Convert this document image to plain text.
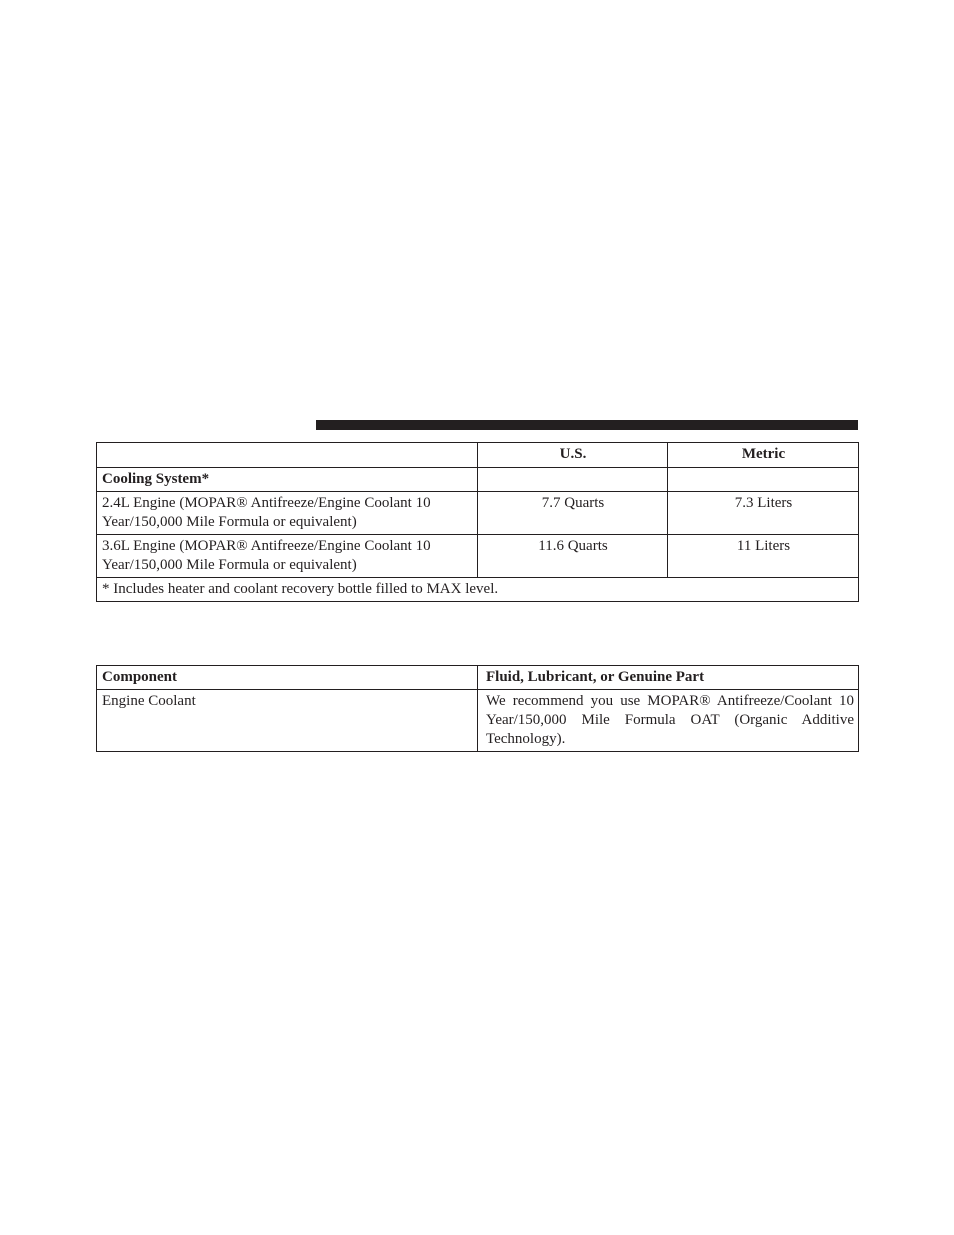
	U.S.	Metric
Cooling System*		
2.4L Engine (MOPAR® Antifreeze/Engine Coolant 10 Year/150,000 Mile Formula or equivalent)	7.7 Quarts	7.3 Liters
3.6L Engine (MOPAR® Antifreeze/Engine Coolant 10 Year/150,000 Mile Formula or equivalent)	11.6 Quarts	11 Liters
* Includes heater and coolant recovery bottle filled to MAX level.		
Component	Fluid, Lubricant, or Genuine Part
Engine Coolant	We recommend you use MOPAR® Antifreeze/Coolant 10 Year/150,000 Mile Formula OAT (Organic Additive Technology).
